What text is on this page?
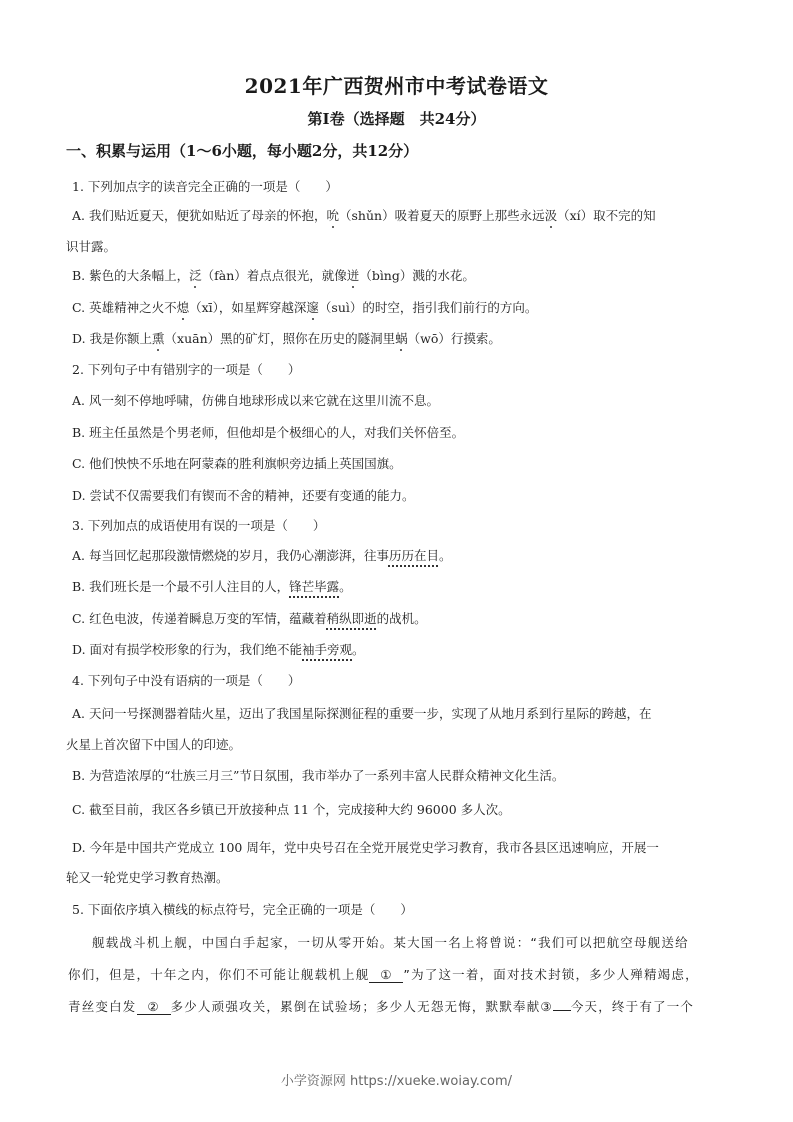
2021年广西贺州市中考试卷语文
第Ⅰ卷（选择题　共24分）
一、积累与运用（1～6小题，每小题2分，共12分）
1. 下列加点字的读音完全正确的一项是（　　）
A. 我们贴近夏天，便犹如贴近了母亲的怀抱，吮（shǔn）吸着夏天的原野上那些永远汲（xí）取不完的知
识甘露。
B. 紫色的大条幅上，泛（fàn）着点点很光，就像迸（bìng）溅的水花。
C. 英雄精神之火不熄（xī），如星辉穿越深邃（suì）的时空，指引我们前行的方向。
D. 我是你额上熏（xuān）黑的矿灯，照你在历史的隧洞里蜗（wō）行摸索。
2. 下列句子中有错别字的一项是（　　）
A. 风一刻不停地呼啸，仿佛自地球形成以来它就在这里川流不息。
B. 班主任虽然是个男老师，但他却是个极细心的人，对我们关怀倍至。
C. 他们怏怏不乐地在阿蒙森的胜利旗帜旁边插上英国国旗。
D. 尝试不仅需要我们有锲而不舍的精神，还要有变通的能力。
3. 下列加点的成语使用有误的一项是（　　）
A. 每当回忆起那段激情燃烧的岁月，我仍心潮澎湃，往事历历在目。
B. 我们班长是一个最不引人注目的人，锋芒毕露。
C. 红色电波，传递着瞬息万变的军情，蕴藏着稍纵即逝的战机。
D. 面对有损学校形象的行为，我们绝不能袖手旁观。
4. 下列句子中没有语病的一项是（　　）
A. 天问一号探测器着陆火星，迈出了我国星际探测征程的重要一步，实现了从地月系到行星际的跨越，在
火星上首次留下中国人的印迹。
B. 为营造浓厚的“壮族三月三”节日氛围，我市举办了一系列丰富人民群众精神文化生活。
C. 截至目前，我区各乡镇已开放接种点 11 个，完成接种大约 96000 多人次。
D. 今年是中国共产党成立 100 周年，党中央号召在全党开展党史学习教育，我市各县区迅速响应，开展一
轮又一轮党史学习教育热潮。
5. 下面依序填入横线的标点符号，完全正确的一项是（　　）
舰载战斗机上舰，中国白手起家，一切从零开始。某大国一名上将曾说：“我们可以把航空母舰送给
你们，但是，十年之内，你们不可能让舰载机上舰 ① ”为了这一着，面对技术封锁，多少人殚精竭虑，
青丝变白发 ② 多少人顽强攻关，累倒在试验场；多少人无怨无悔，默默奉献③ 今天，终于有了一个
小学资源网 https://xueke.woiay.com/
